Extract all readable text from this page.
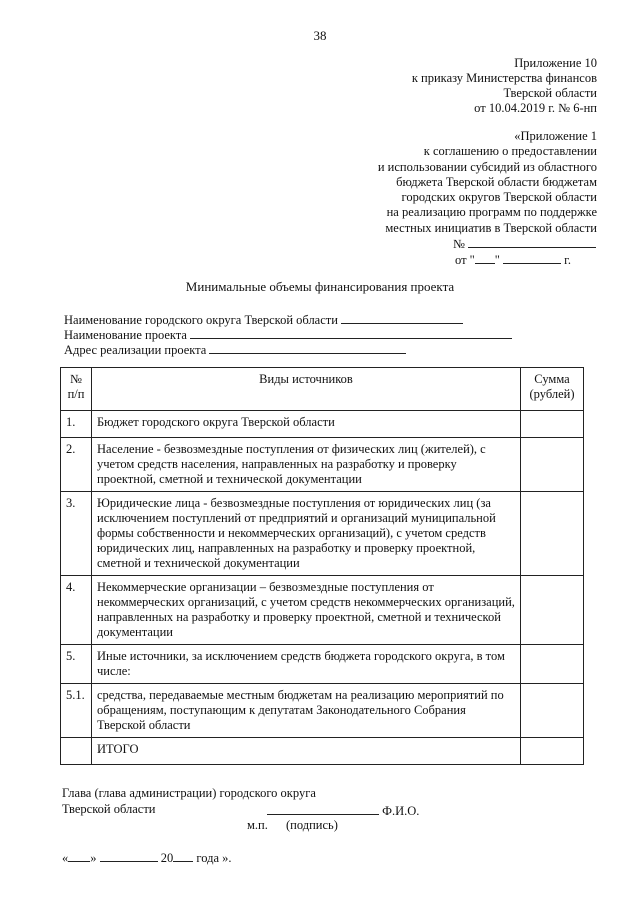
38
Приложение 10
к приказу Министерства финансов
Тверской области
от 10.04.2019 г. № 6-нп
«Приложение 1
к соглашению о предоставлении
и использовании субсидий из областного
бюджета Тверской области бюджетам
городских округов Тверской области
на реализацию программ по поддержке
местных инициатив в Тверской области
№
от " "	г.
Минимальные объемы финансирования проекта
Наименование городского округа Тверской области
Наименование проекта
Адрес реализации проекта
№ п/п	Виды источников	Сумма (рублей)
1.	Бюджет городского округа Тверской области	
2.	Население - безвозмездные поступления от физических лиц (жителей), с учетом средств населения, направленных на разработку и проверку проектной, сметной и технической документации	
3.	Юридические лица - безвозмездные поступления от юридических лиц (за исключением поступлений от предприятий и организаций муниципальной формы собственности и некоммерческих организаций), с учетом средств юридических лиц, направленных на разработку и проверку проектной, сметной и технической документации	
4.	Некоммерческие организации – безвозмездные поступления от некоммерческих организаций, с учетом средств некоммерческих организаций, направленных на разработку и проверку проектной, сметной и технической документации	
5.	Иные источники, за исключением средств бюджета городского округа, в том числе:	
5.1.	средства, передаваемые местным бюджетам на реализацию мероприятий по обращениям, поступающим к депутатам Законодательного Собрания Тверской области	
	ИТОГО	
Глава (глава администрации) городского округа
Тверской области	Ф.И.О.
м.п. (подпись)
« »	20 года ».
